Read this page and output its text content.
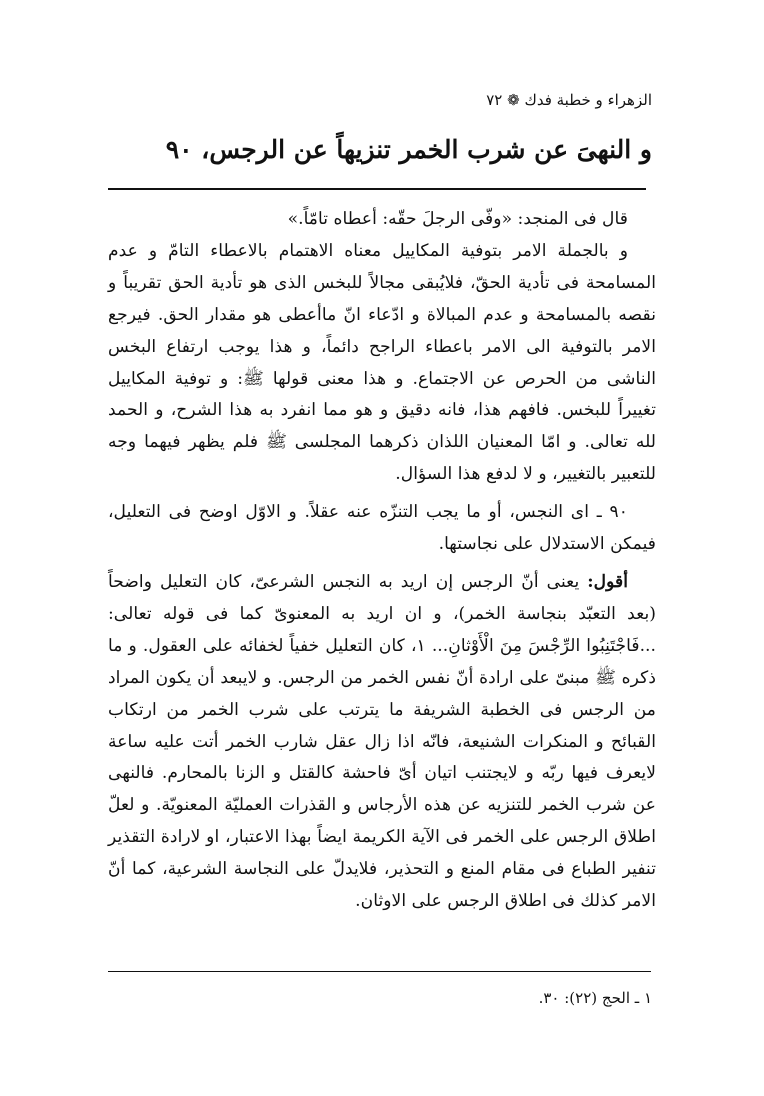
الزهراء و خطبة فدك ❁ ٧٢
و النهىَ عن شرب الخمر تنزيهاً عن الرجس، ٩٠

قال فى المنجد: «وفّى الرجلَ حقّه: أعطاه تامّاً.»

و بالجملة الامر بتوفية المكاييل معناه الاهتمام بالاعطاء التامّ و عدم المسامحة فى تأدية الحقّ، فلايُبقى مجالاً للبخس الذى هو تأدية الحق تقريباً و نقصه بالمسامحة و عدم المبالاة و ادّعاء انّ ماأعطى هو مقدار الحق. فيرجع الامر بالتوفية الى الامر باعطاء الراجح دائماً، و هذا يوجب ارتفاع البخس الناشى من الحرص عن الاجتماع. و هذا معنى قولها ﷺ: و توفية المكاييل تغييراً للبخس. فافهم هذا، فانه دقيق و هو مما انفرد به هذا الشرح، و الحمد لله تعالى. و امّا المعنيان اللذان ذكرهما المجلسى ﷺ فلم يظهر فيهما وجه للتعبير بالتغيير، و لا لدفع هذا السؤال.

٩٠ ـ اى النجس، أو ما يجب التنزّه عنه عقلاً. و الاوّل اوضح فى التعليل، فيمكن الاستدلال على نجاستها.

أقول: يعنى أنّ الرجس إن اريد به النجس الشرعىّ، كان التعليل واضحاً (بعد التعبّد بنجاسة الخمر)، و ان اريد به المعنوىّ كما فى قوله تعالى: ...فَاجْتَنِبُوا الرِّجْسَ مِنَ الْأَوْثانِ... ١، كان التعليل خفياً لخفائه على العقول. و ما ذكره ﷺ مبنىّ على ارادة أنّ نفس الخمر من الرجس. و لايبعد أن يكون المراد من الرجس فى الخطبة الشريفة ما يترتب على شرب الخمر من ارتكاب القبائح و المنكرات الشنيعة، فانّه اذا زال عقل شارب الخمر أتت عليه ساعة لايعرف فيها ربّه و لايجتنب اتيان أىّ فاحشة كالقتل و الزنا بالمحارم. فالنهى عن شرب الخمر للتنزيه عن هذه الأرجاس و القذرات العمليّة المعنويّة. و لعلّ اطلاق الرجس على الخمر فى الآية الكريمة ايضاً بهذا الاعتبار، او لارادة التقذير تنفير الطباع فى مقام المنع و التحذير، فلايدلّ على النجاسة الشرعية، كما أنّ الامر كذلك فى اطلاق الرجس على الاوثان.

١ ـ الحج (٢٢): ٣٠.
